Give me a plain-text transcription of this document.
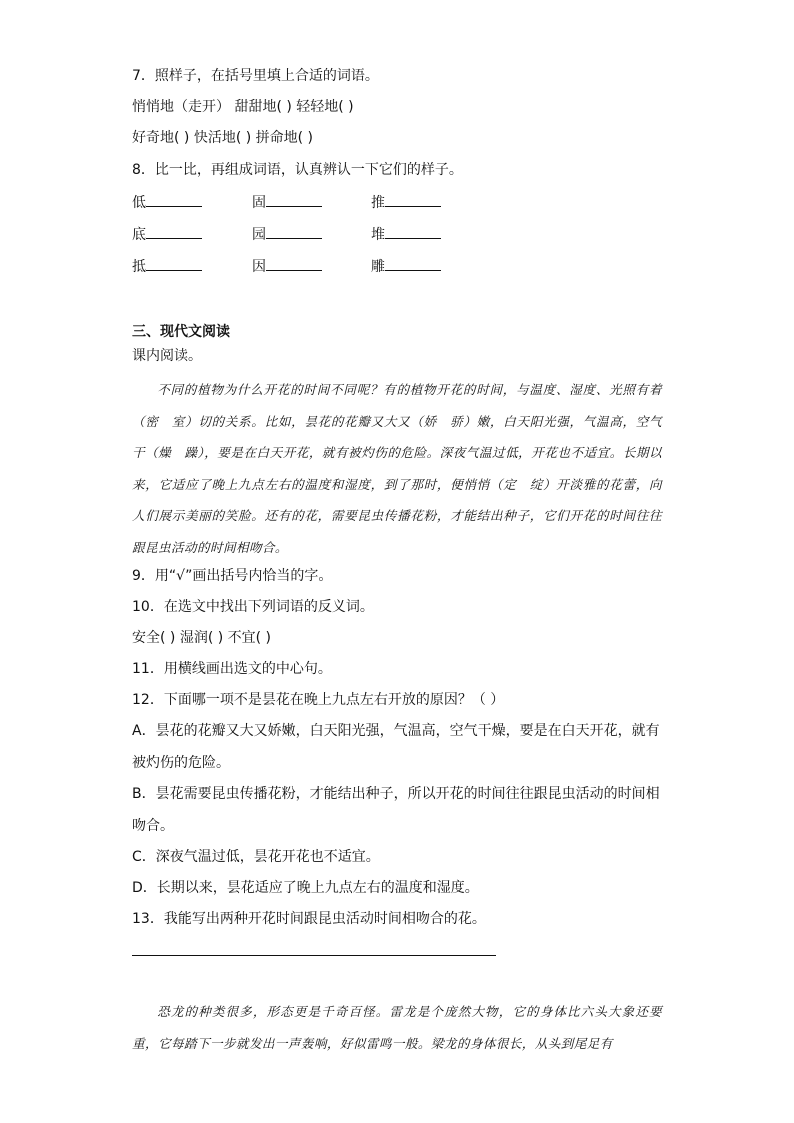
7．照样子，在括号里填上合适的词语。
悄悄地（走开） 甜甜地( ) 轻轻地( )
好奇地( ) 快活地( ) 拼命地( )
8．比一比，再组成词语，认真辨认一下它们的样子。
低	固	推
底	园	堆
抵	因	雕
三、现代文阅读
课内阅读。
不同的植物为什么开花的时间不同呢？有的植物开花的时间，与温度、湿度、光照有着（密　室）切的关系。比如，昙花的花瓣又大又（娇　骄）嫩，白天阳光强，气温高，空气干（燥　躁），要是在白天开花，就有被灼伤的危险。深夜气温过低，开花也不适宜。长期以来，它适应了晚上九点左右的温度和湿度，到了那时，便悄悄（定　绽）开淡雅的花蕾，向人们展示美丽的笑脸。还有的花，需要昆虫传播花粉，才能结出种子，它们开花的时间往往跟昆虫活动的时间相吻合。
9．用“√”画出括号内恰当的字。
10．在选文中找出下列词语的反义词。
安全( ) 湿润( ) 不宜( )
11．用横线画出选文的中心句。
12．下面哪一项不是昙花在晚上九点左右开放的原因？（ ）
A．昙花的花瓣又大又娇嫩，白天阳光强，气温高，空气干燥，要是在白天开花，就有被灼伤的危险。
B．昙花需要昆虫传播花粉，才能结出种子，所以开花的时间往往跟昆虫活动的时间相吻合。
C．深夜气温过低，昙花开花也不适宜。
D．长期以来，昙花适应了晚上九点左右的温度和湿度。
13．我能写出两种开花时间跟昆虫活动时间相吻合的花。
恐龙的种类很多，形态更是千奇百怪。雷龙是个庞然大物，它的身体比六头大象还要重，它每踏下一步就发出一声轰响，好似雷鸣一般。梁龙的身体很长，从头到尾足有
